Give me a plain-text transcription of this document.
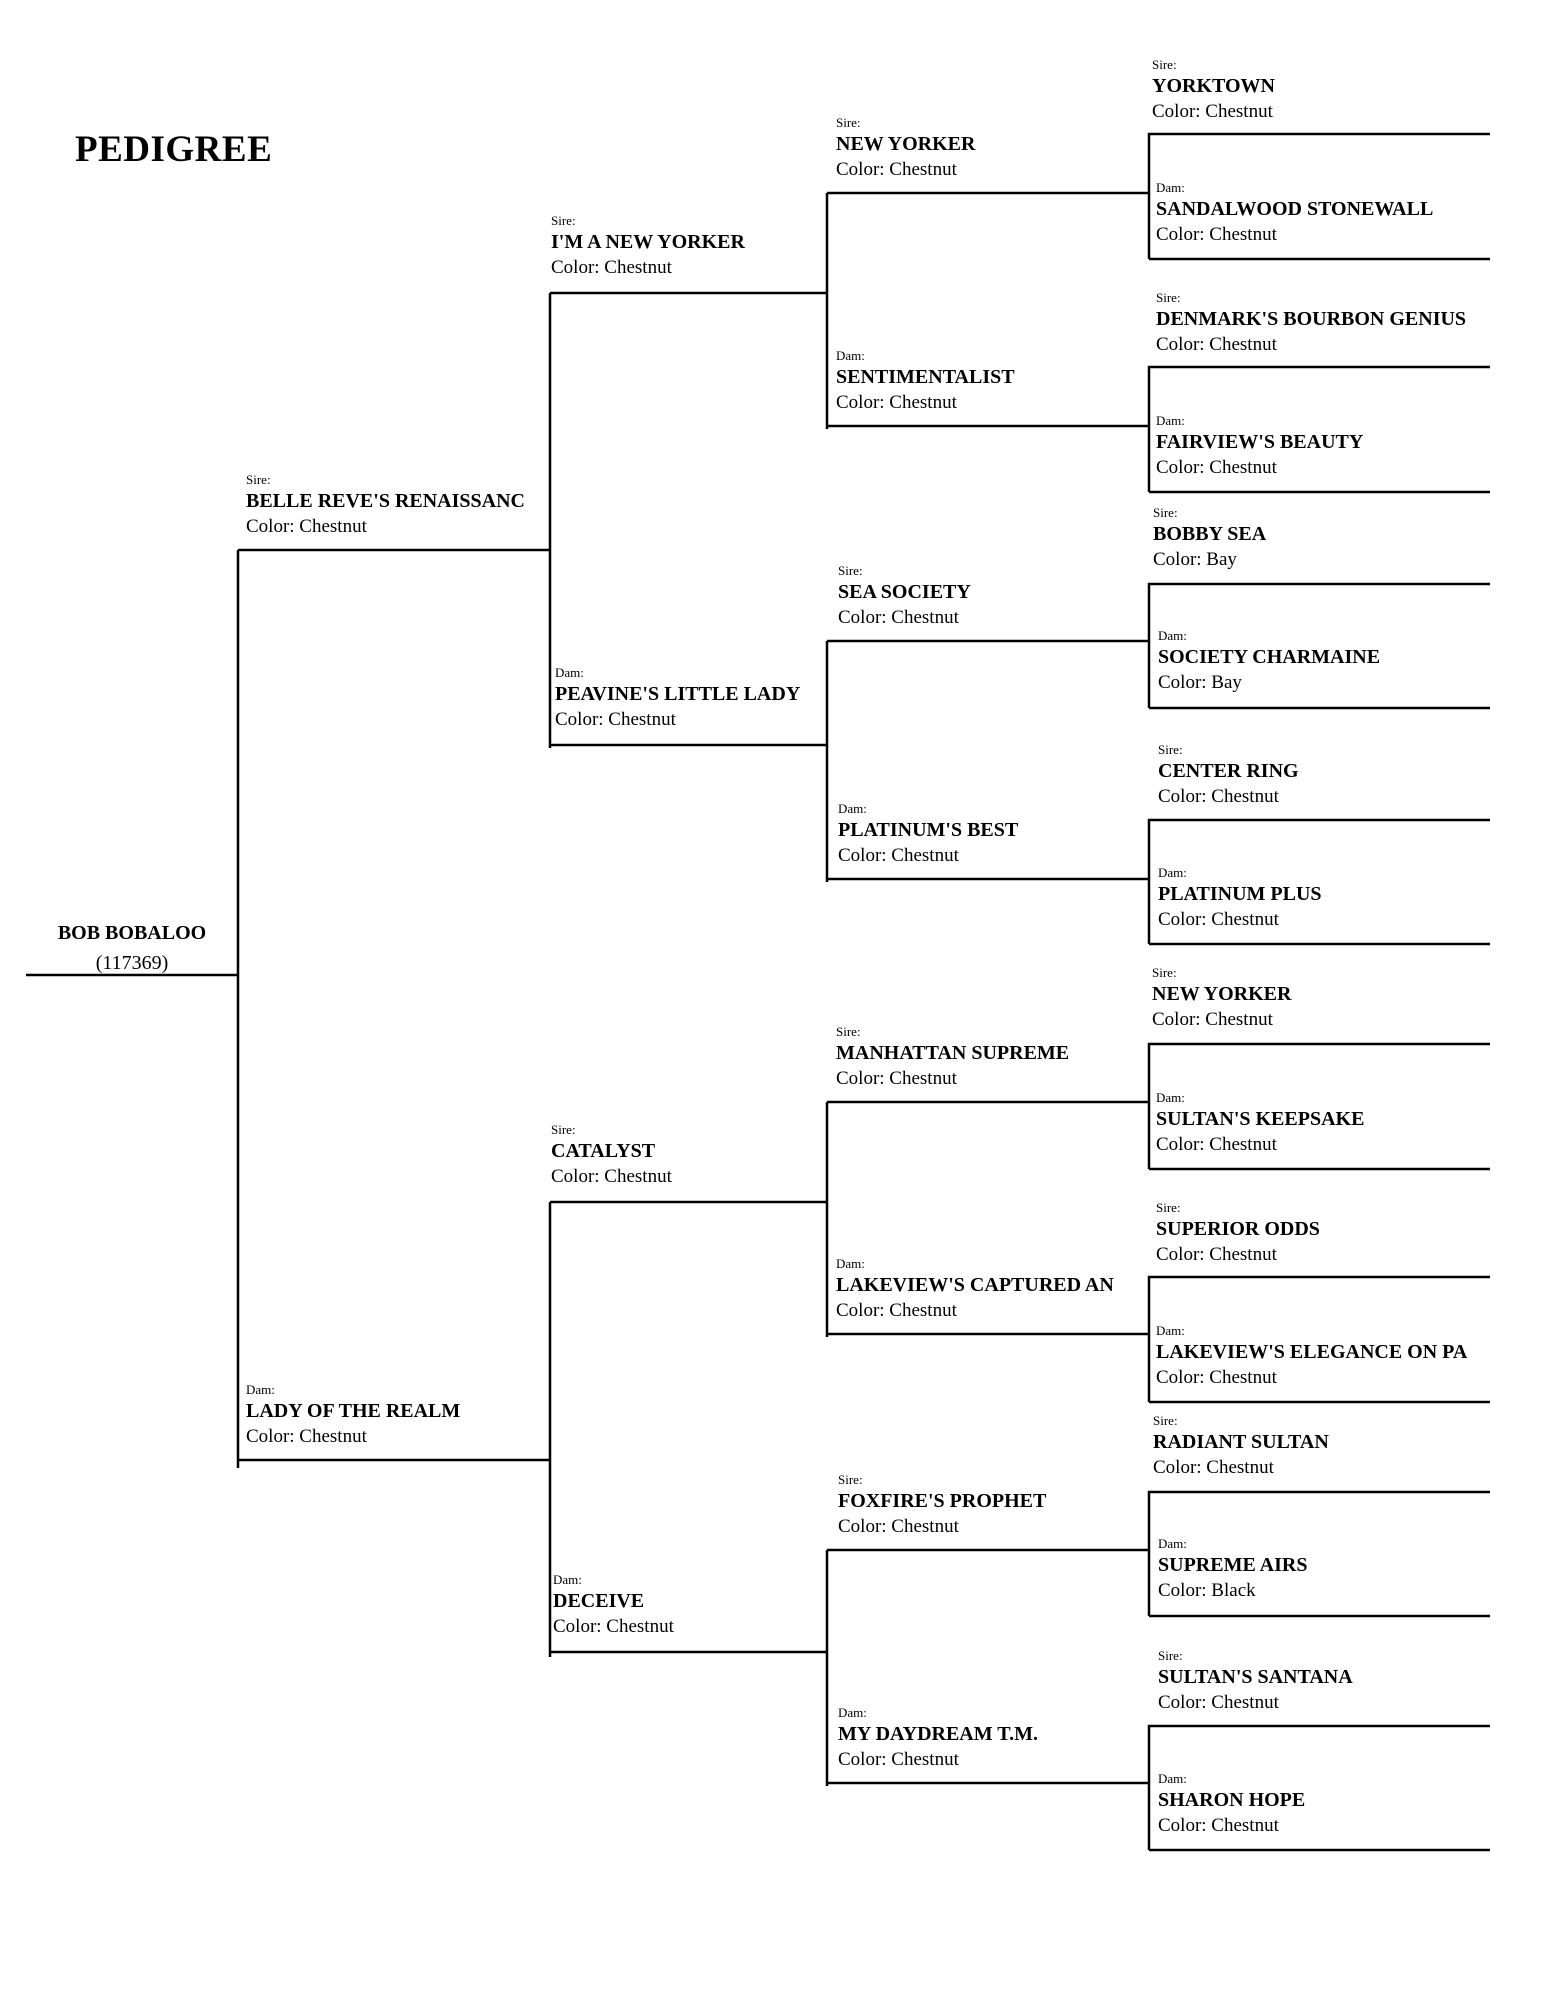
PEDIGREE
BOB BOBALOO
(117369)
Sire:
BELLE REVE'S RENAISSANC
Color: Chestnut
Dam:
LADY OF THE REALM
Color: Chestnut
Sire:
I'M A NEW YORKER
Color: Chestnut
Dam:
PEAVINE'S LITTLE LADY
Color: Chestnut
Sire:
CATALYST
Color: Chestnut
Dam:
DECEIVE
Color: Chestnut
Sire:
NEW YORKER
Color: Chestnut
Dam:
SENTIMENTALIST
Color: Chestnut
Sire:
SEA SOCIETY
Color: Chestnut
Dam:
PLATINUM'S BEST
Color: Chestnut
Sire:
MANHATTAN SUPREME
Color: Chestnut
Dam:
LAKEVIEW'S CAPTURED AN
Color: Chestnut
Sire:
FOXFIRE'S PROPHET
Color: Chestnut
Dam:
MY DAYDREAM T.M.
Color: Chestnut
Sire:
YORKTOWN
Color: Chestnut
Dam:
SANDALWOOD STONEWALL
Color: Chestnut
Sire:
DENMARK'S BOURBON GENIUS
Color: Chestnut
Dam:
FAIRVIEW'S BEAUTY
Color: Chestnut
Sire:
BOBBY SEA
Color: Bay
Dam:
SOCIETY CHARMAINE
Color: Bay
Sire:
CENTER RING
Color: Chestnut
Dam:
PLATINUM PLUS
Color: Chestnut
Sire:
NEW YORKER
Color: Chestnut
Dam:
SULTAN'S KEEPSAKE
Color: Chestnut
Sire:
SUPERIOR ODDS
Color: Chestnut
Dam:
LAKEVIEW'S ELEGANCE ON PA
Color: Chestnut
Sire:
RADIANT SULTAN
Color: Chestnut
Dam:
SUPREME AIRS
Color: Black
Sire:
SULTAN'S SANTANA
Color: Chestnut
Dam:
SHARON HOPE
Color: Chestnut
